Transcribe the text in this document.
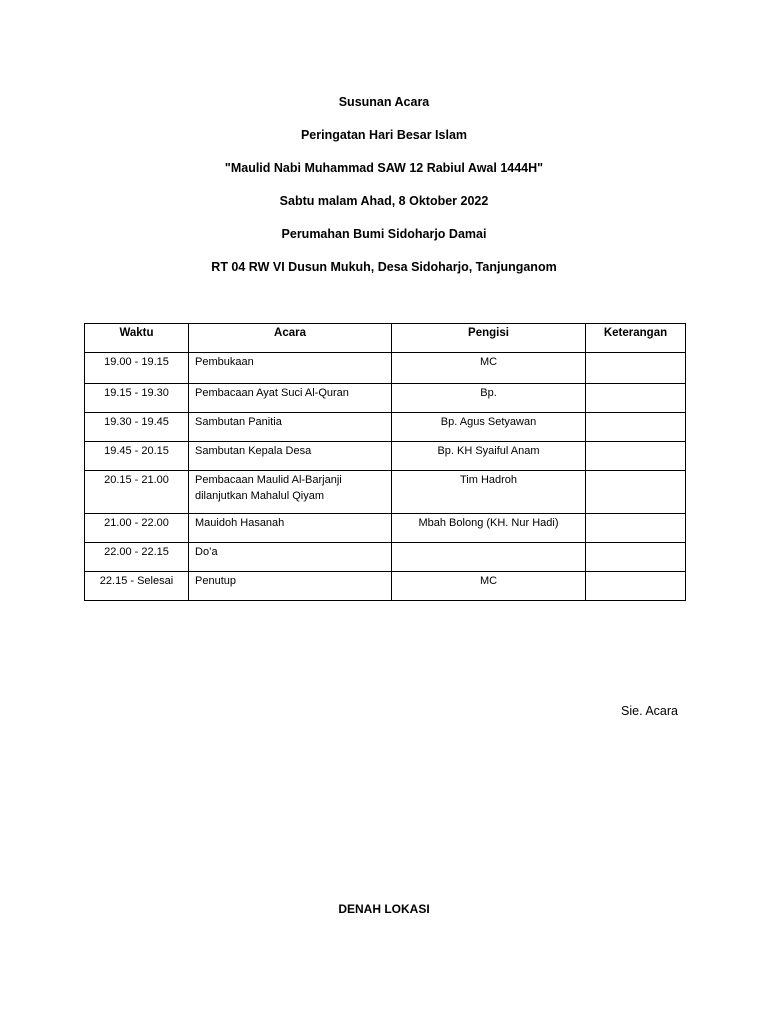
Susunan Acara
Peringatan Hari Besar Islam
"Maulid Nabi Muhammad SAW 12 Rabiul Awal 1444H"
Sabtu malam Ahad, 8 Oktober 2022
Perumahan Bumi Sidoharjo Damai
RT 04 RW VI Dusun Mukuh, Desa Sidoharjo, Tanjunganom
Waktu	Acara	Pengisi	Keterangan
19.00 - 19.15	Pembukaan	MC	
19.15 - 19.30	Pembacaan Ayat Suci Al-Quran	Bp.	
19.30 - 19.45	Sambutan Panitia	Bp. Agus Setyawan	
19.45 - 20.15	Sambutan Kepala Desa	Bp. KH Syaiful Anam	
20.15 - 21.00	Pembacaan Maulid Al-Barjanji dilanjutkan Mahalul Qiyam	Tim Hadroh	
21.00 - 22.00	Mauidoh Hasanah	Mbah Bolong (KH. Nur Hadi)	
22.00 - 22.15	Do’a		
22.15 - Selesai	Penutup	MC	
Sie. Acara
DENAH LOKASI
